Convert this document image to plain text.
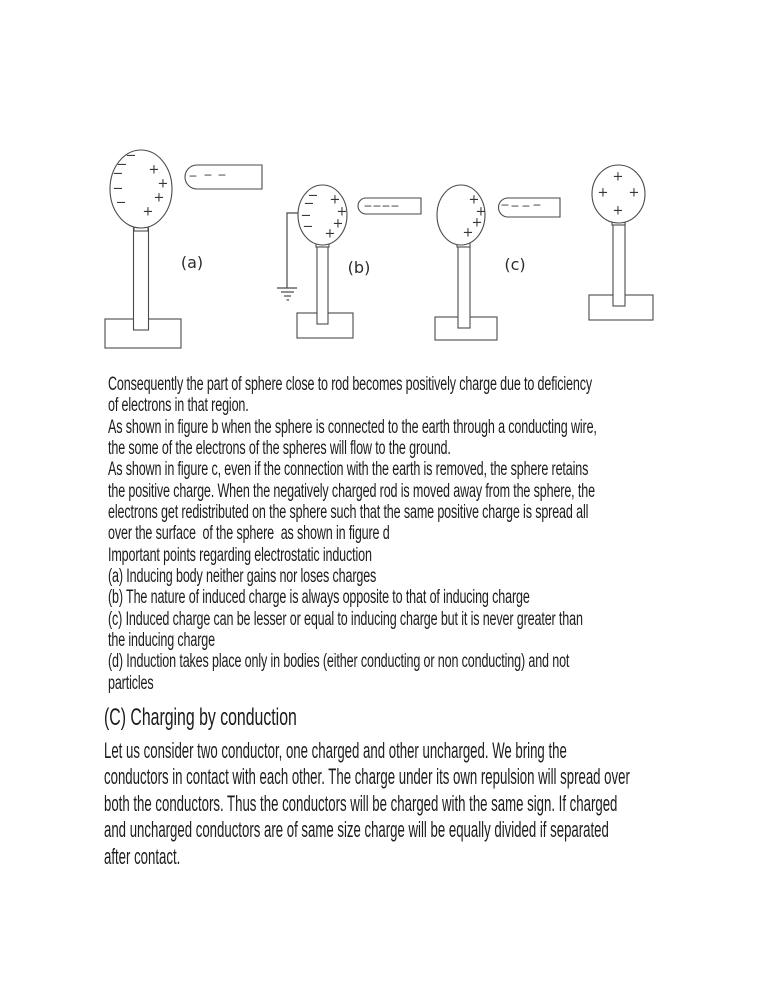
−
−
−
−
−
+
+
+
+
− − −
(a)
−
−
−
−
+
+
+
+
− − − −
(b)
+
+
+
+
− − − −
(c)
+
+ +
+
Consequently the part of sphere close to rod becomes positively charge due to deficiency
of electrons in that region.
As shown in figure b when the sphere is connected to the earth through a conducting wire,
the some of the electrons of the spheres will flow to the ground.
As shown in figure c, even if the connection with the earth is removed, the sphere retains
the positive charge. When the negatively charged rod is moved away from the sphere, the
electrons get redistributed on the sphere such that the same positive charge is spread all
over the surface  of the sphere  as shown in figure d
Important points regarding electrostatic induction
(a) Inducing body neither gains nor loses charges
(b) The nature of induced charge is always opposite to that of inducing charge
(c) Induced charge can be lesser or equal to inducing charge but it is never greater than
the inducing charge
(d) Induction takes place only in bodies (either conducting or non conducting) and not
particles
(C) Charging by conduction
Let us consider two conductor, one charged and other uncharged. We bring the
conductors in contact with each other. The charge under its own repulsion will spread over
both the conductors. Thus the conductors will be charged with the same sign. If charged
and uncharged conductors are of same size charge will be equally divided if separated
after contact.
